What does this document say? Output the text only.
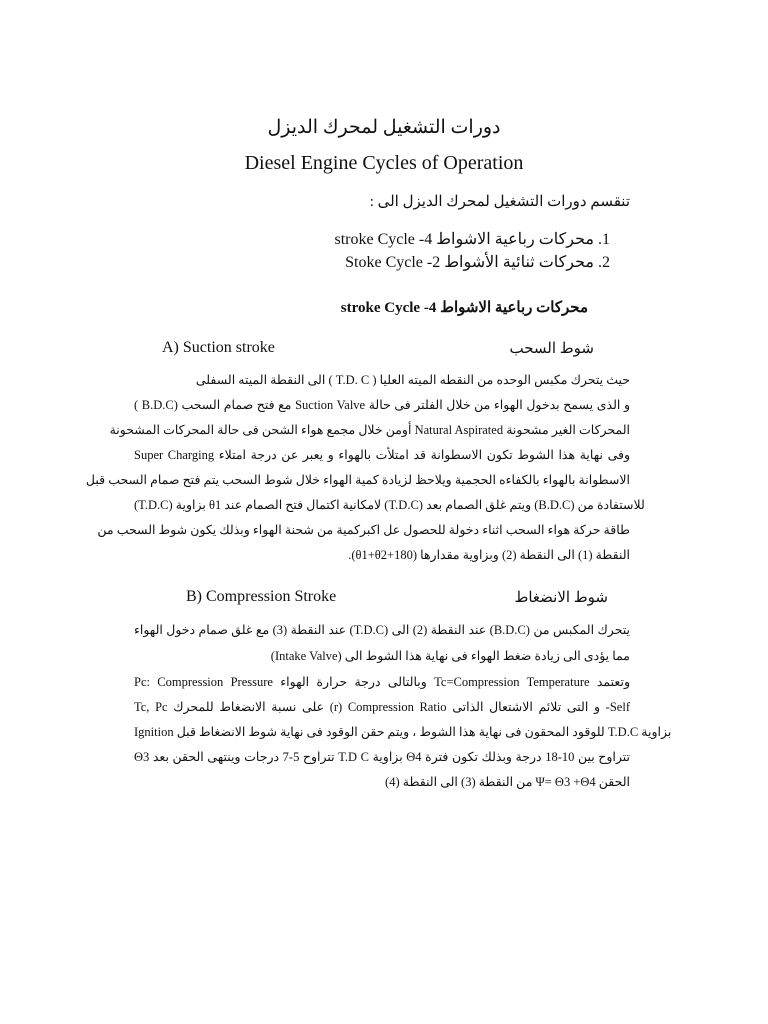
دورات التشغيل لمحرك الديزل
Diesel Engine Cycles of Operation
تنقسم دورات التشغيل لمحرك الديزل الى :
1. محركات رباعية الاشواط 4- stroke Cycle
2. محركات ثنائية الأشواط 2- Stoke Cycle
محركات رباعية الاشواط 4- stroke Cycle
A) Suction stroke	شوط السحب
حيث يتحرك مكبس الوحده من النقطه الميته العليا ( T.D. C ) الى النقطة الميته السفلى
( B.D.C) مع فتح صمام السحب Suction Valve و الذى يسمح بدخول الهواء من خلال الفلتر فى حالة
المحركات الغير مشحونة Natural Aspirated أومن خلال مجمع هواء الشحن فى حالة المحركات المشحونة
Super Charging وفى نهاية هذا الشوط تكون الاسطوانة قد امتلأت بالهواء و يعبر عن درجة امتلاء
الاسطوانة بالهواء بالكفاءه الحجمية ويلاحظ لزيادة كمية الهواء خلال شوط السحب يتم فتح صمام السحب قبل
(T.D.C) بزاوية θ1 لامكانية اكتمال فتح الصمام عند (T.D.C) ويتم غلق الصمام بعد (B.D.C) للاستفادة من
طاقة حركة هواء السحب اثناء دخولة للحصول عل اكبركمية من شحنة الهواء وبذلك يكون شوط السحب من
النقطة (1) الى النقطة (2) وبزاوية مقدارها (180+θ1+θ2).
B) Compression Stroke	شوط الانضغاط
يتحرك المكبس من (B.D.C) عند النقطة (2) الى (T.D.C) عند النقطة (3) مع غلق صمام دخول الهواء
(Intake Valve) مما يؤدى الى زيادة ضغط الهواء فى نهاية هذا الشوط الى
Pc: Compression Pressure وبالتالى درجة حرارة الهواء Tc=Compression Temperature وتعتمد
Tc, Pc على نسبة الانضغاط للمحرك (r) Compression Ratio و التى تلائم الاشتعال الذاتى -Self
Ignition للوقود المحقون فى نهاية هذا الشوط ، ويتم حقن الوقود فى نهاية شوط الانضغاط قبل T.D.C بزاوية
Θ3 تتراوح 5-7 درجات وينتهى الحقن بعد T.D C بزاوية Θ4 تتراوح بين 10-18 درجة وبذلك تكون فترة
الحقن Ψ= Θ3 +Θ4 من النقطة (3) الى النقطة (4)
